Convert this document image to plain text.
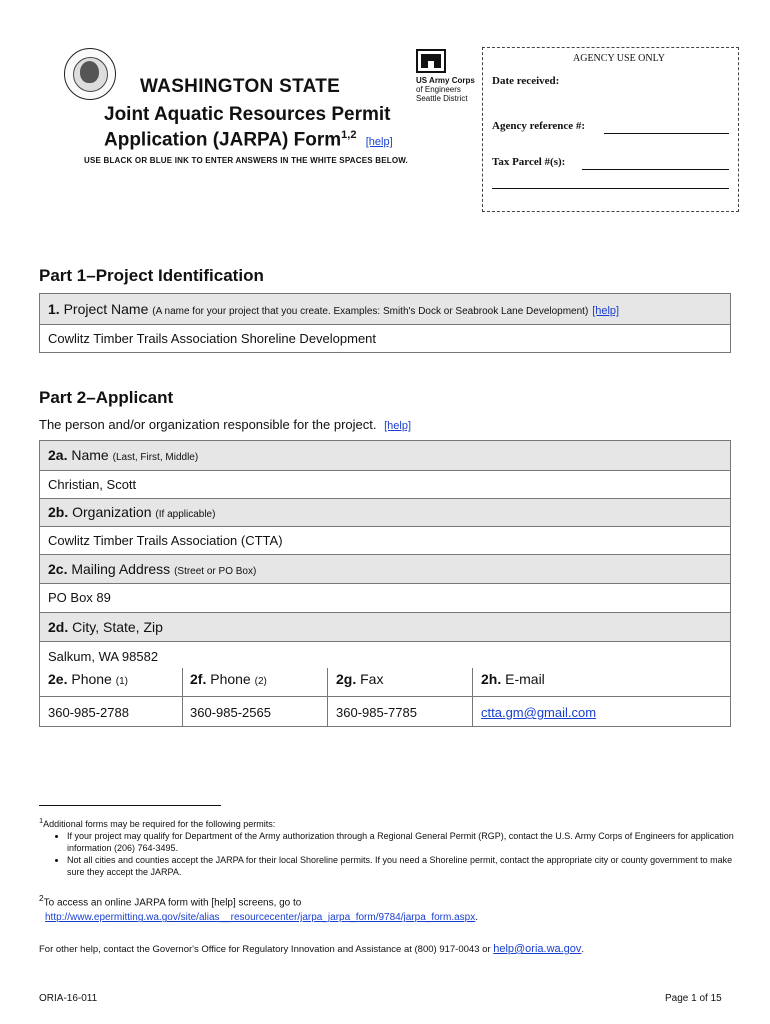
WASHINGTON STATE
Joint Aquatic Resources Permit
Application (JARPA) Form$^{1,2}$ [help]
USE BLACK OR BLUE INK TO ENTER ANSWERS IN THE WHITE SPACES BELOW.
US Army Corps
of Engineers
Seattle District
AGENCY USE ONLY
Date received:
Agency reference #:
Tax Parcel #(s):
Part 1–Project Identification
1. Project Name (A name for your project that you create. Examples: Smith's Dock or Seabrook Lane Development) [help]
Cowlitz Timber Trails Association Shoreline Development
Part 2–Applicant
The person and/or organization responsible for the project. [help]
2a. Name (Last, First, Middle)
Christian, Scott
2b. Organization (If applicable)
Cowlitz Timber Trails Association (CTTA)
2c. Mailing Address (Street or PO Box)
PO Box 89
2d. City, State, Zip
Salkum, WA 98582
2e. Phone (1)	2f. Phone (2)	2g. Fax	2h. E-mail
360-985-2788	360-985-2565	360-985-7785	ctta.gm@gmail.com
$^1$Additional forms may be required for the following permits:
• If your project may qualify for Department of the Army authorization through a Regional General Permit (RGP), contact the U.S. Army Corps of Engineers for application information (206) 764-3495.
• Not all cities and counties accept the JARPA for their local Shoreline permits. If you need a Shoreline permit, contact the appropriate city or county government to make sure they accept the JARPA.
$^2$To access an online JARPA form with [help] screens, go to
http://www.epermitting.wa.gov/site/alias__resourcecenter/jarpa_jarpa_form/9784/jarpa_form.aspx.
For other help, contact the Governor's Office for Regulatory Innovation and Assistance at (800) 917-0043 or help@oria.wa.gov.
ORIA-16-011	Page 1 of 15
